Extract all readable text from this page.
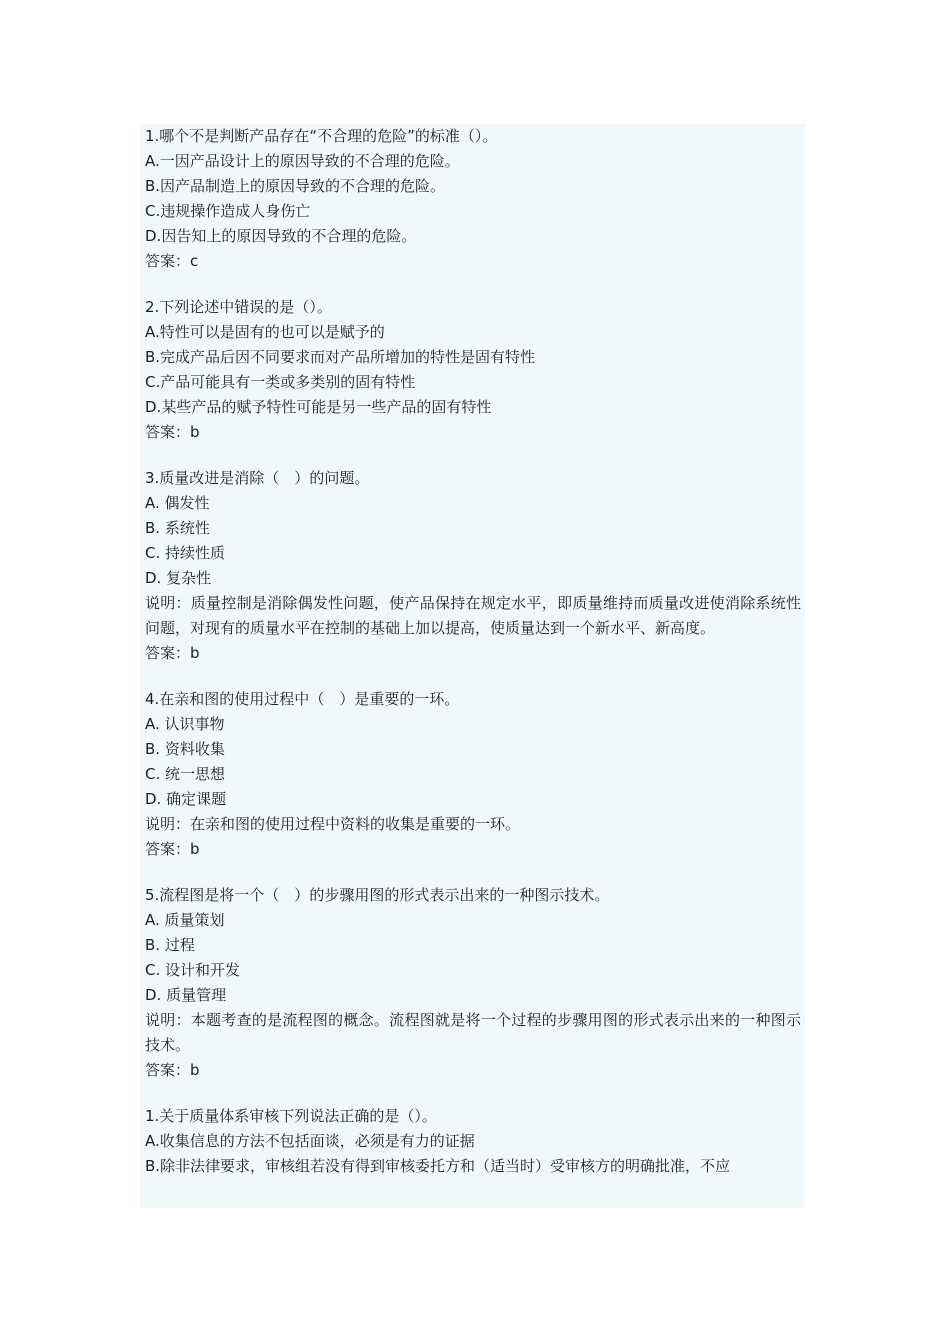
1.哪个不是判断产品存在“不合理的危险”的标准（）。
A.一因产品设计上的原因导致的不合理的危险。
B.因产品制造上的原因导致的不合理的危险。
C.违规操作造成人身伤亡
D.因告知上的原因导致的不合理的危险。
答案：c
2.下列论述中错误的是（）。
A.特性可以是固有的也可以是赋予的
B.完成产品后因不同要求而对产品所增加的特性是固有特性
C.产品可能具有一类或多类别的固有特性
D.某些产品的赋予特性可能是另一些产品的固有特性
答案：b
3.质量改进是消除（　）的问题。
A. 偶发性
B. 系统性
C. 持续性质
D. 复杂性
说明：质量控制是消除偶发性问题，使产品保持在规定水平，即质量维持而质量改进使消除系统性问题，对现有的质量水平在控制的基础上加以提高，使质量达到一个新水平、新高度。
答案：b
4.在亲和图的使用过程中（　）是重要的一环。
A. 认识事物
B. 资料收集
C. 统一思想
D. 确定课题
说明：在亲和图的使用过程中资料的收集是重要的一环。
答案：b
5.流程图是将一个（　）的步骤用图的形式表示出来的一种图示技术。
A. 质量策划
B. 过程
C. 设计和开发
D. 质量管理
说明：本题考查的是流程图的概念。流程图就是将一个过程的步骤用图的形式表示出来的一种图示技术。
答案：b
1.关于质量体系审核下列说法正确的是（）。
A.收集信息的方法不包括面谈，必须是有力的证据
B.除非法律要求，审核组若没有得到审核委托方和（适当时）受审核方的明确批准，不应
